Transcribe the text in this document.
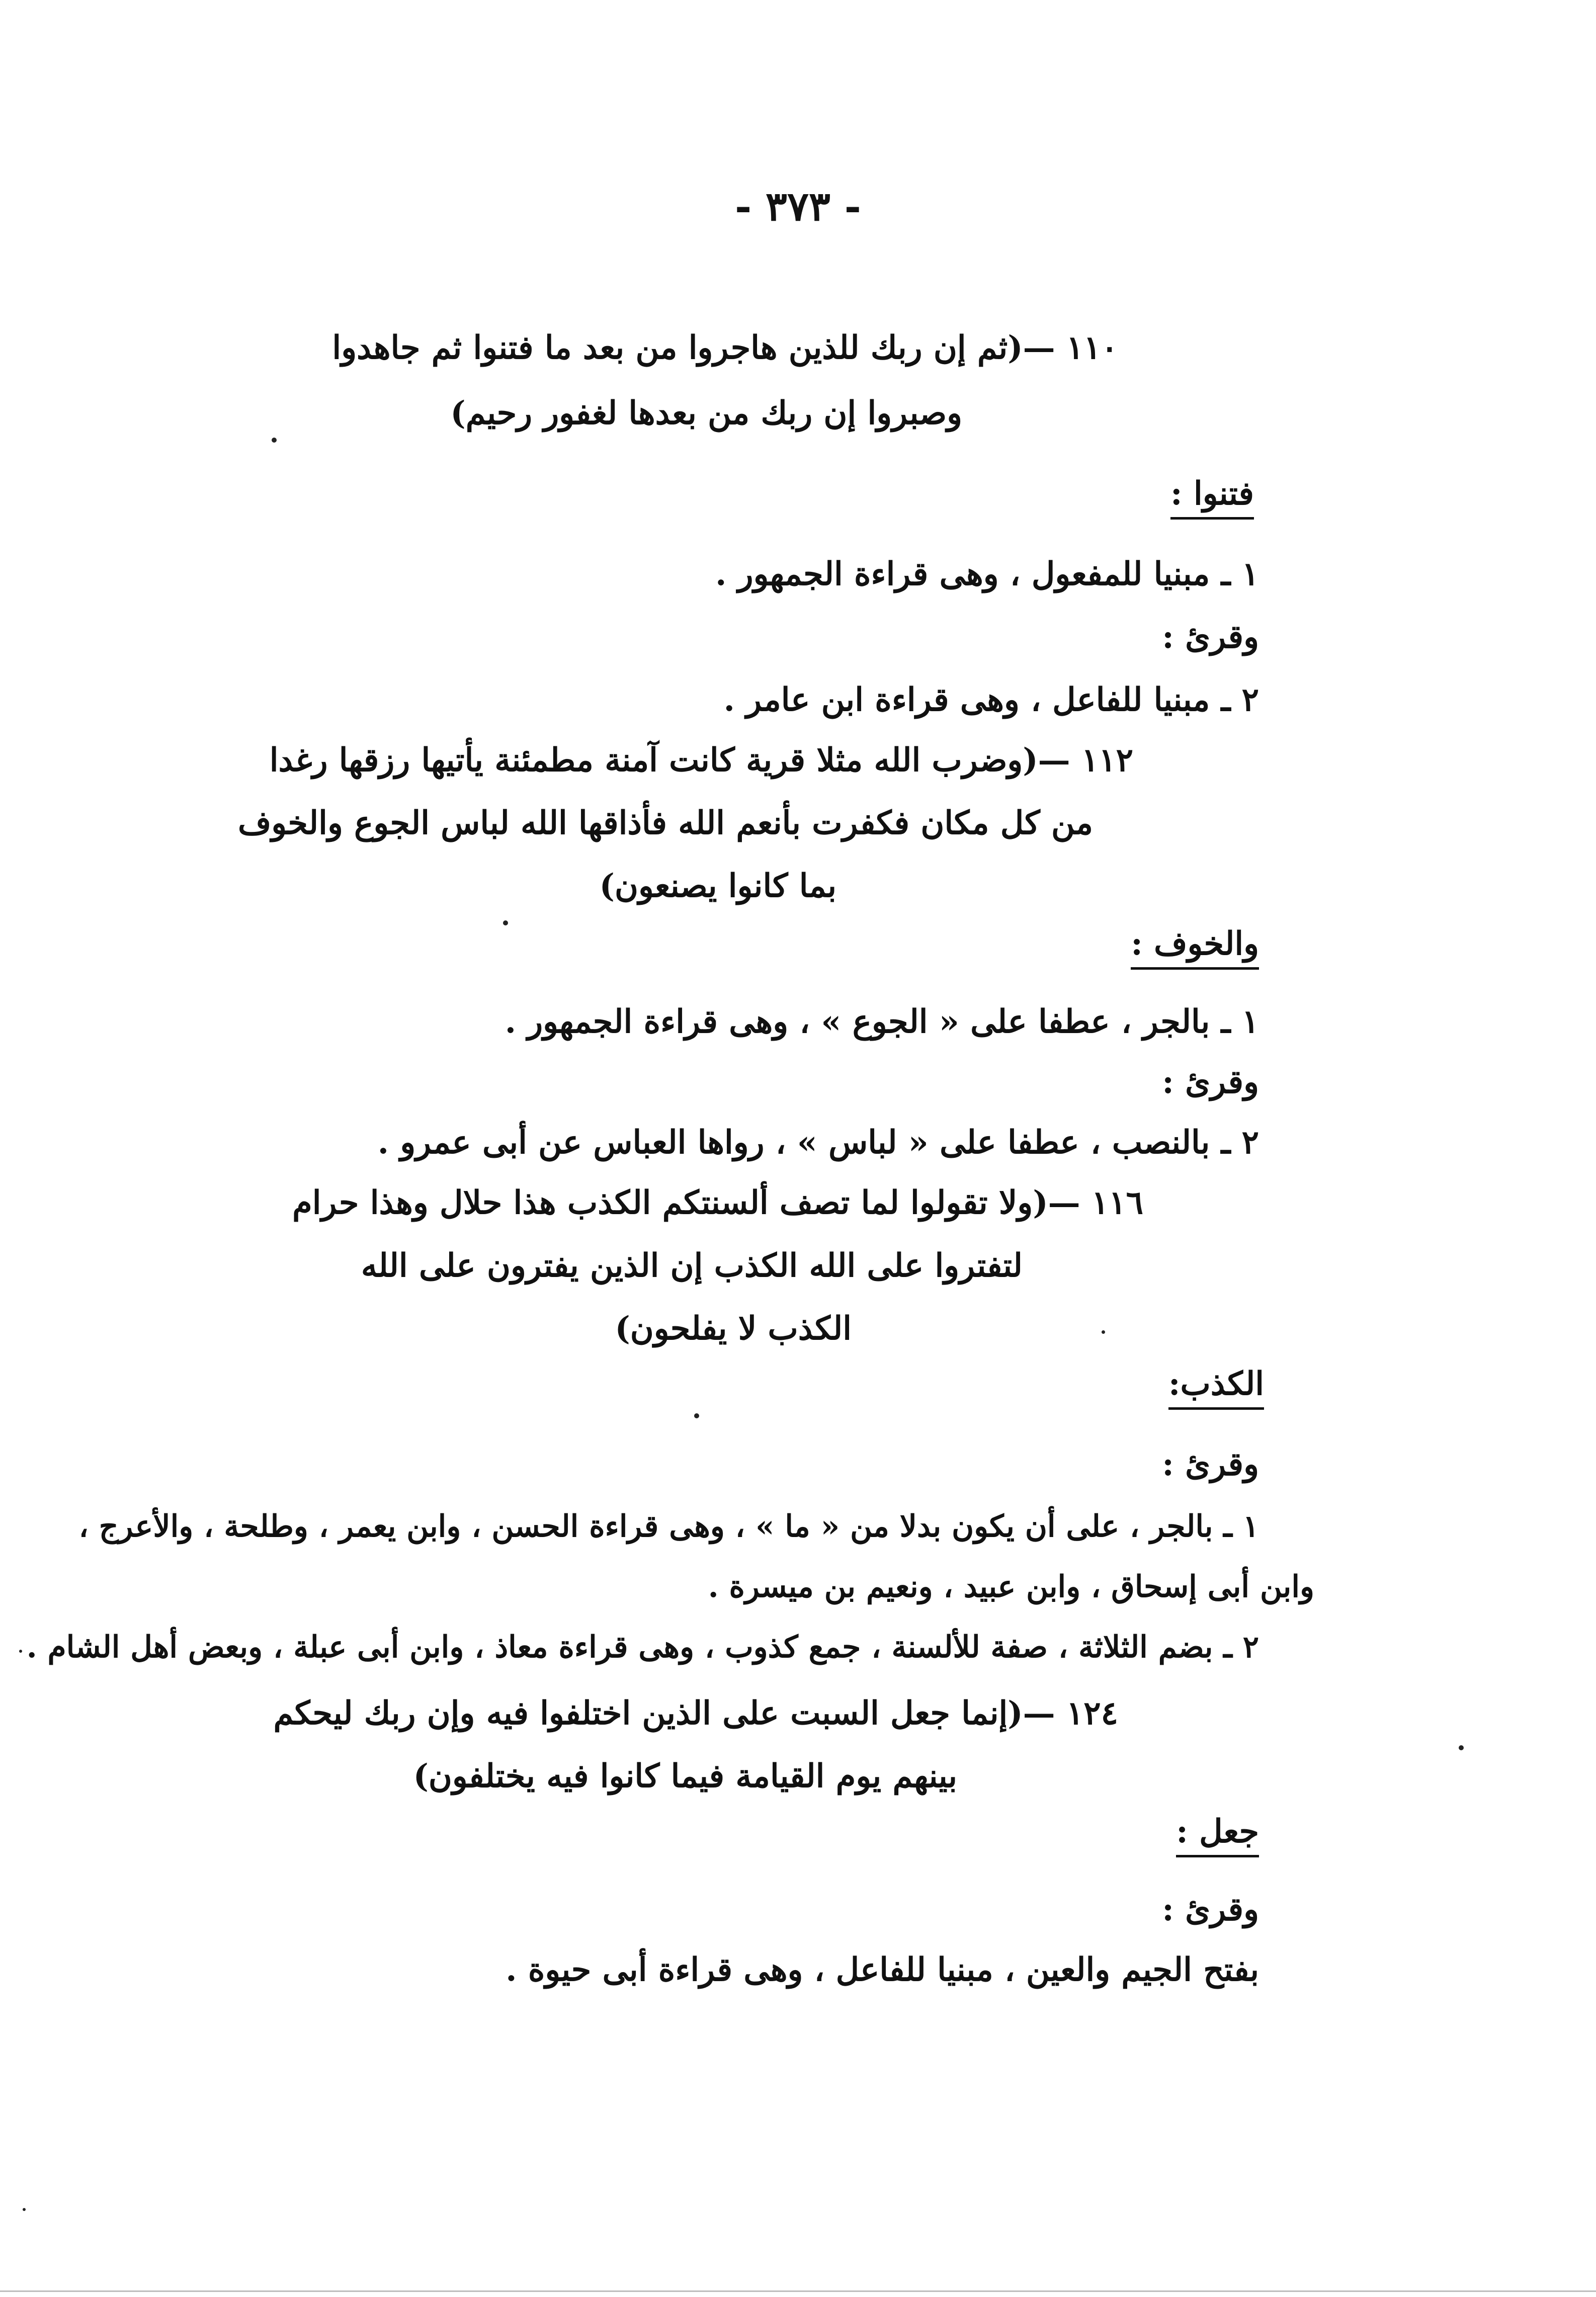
- ٣٧٣ -
١١٠ —(ثم إن ربك للذين هاجروا من بعد ما فتنوا ثم جاهدوا
وصبروا إن ربك من بعدها لغفور رحيم)
فتنوا :
١ ـ مبنيا للمفعول ، وهى قراءة الجمهور .
وقرئ :
٢ ـ مبنيا للفاعل ، وهى قراءة ابن عامر .
١١٢ —(وضرب الله مثلا قرية كانت آمنة مطمئنة يأتيها رزقها رغدا
من كل مكان فكفرت بأنعم الله فأذاقها الله لباس الجوع والخوف
بما كانوا يصنعون)
والخوف :
١ ـ بالجر ، عطفا على « الجوع » ، وهى قراءة الجمهور .
وقرئ :
٢ ـ بالنصب ، عطفا على « لباس » ، رواها العباس عن أبى عمرو .
١١٦ —(ولا تقولوا لما تصف ألسنتكم الكذب هذا حلال وهذا حرام
لتفتروا على الله الكذب إن الذين يفترون على الله
الكذب لا يفلحون)
الكذب:
وقرئ :
١ ـ بالجر ، على أن يكون بدلا من « ما » ، وهى قراءة الحسن ، وابن يعمر ، وطلحة ، والأعرج ،
وابن أبى إسحاق ، وابن عبيد ، ونعيم بن ميسرة .
٢ ـ بضم الثلاثة ، صفة للألسنة ، جمع كذوب ، وهى قراءة معاذ ، وابن أبى عبلة ، وبعض أهل الشام .
١٢٤ —(إنما جعل السبت على الذين اختلفوا فيه وإن ربك ليحكم
بينهم يوم القيامة فيما كانوا فيه يختلفون)
جعل :
وقرئ :
بفتح الجيم والعين ، مبنيا للفاعل ، وهى قراءة أبى حيوة .
